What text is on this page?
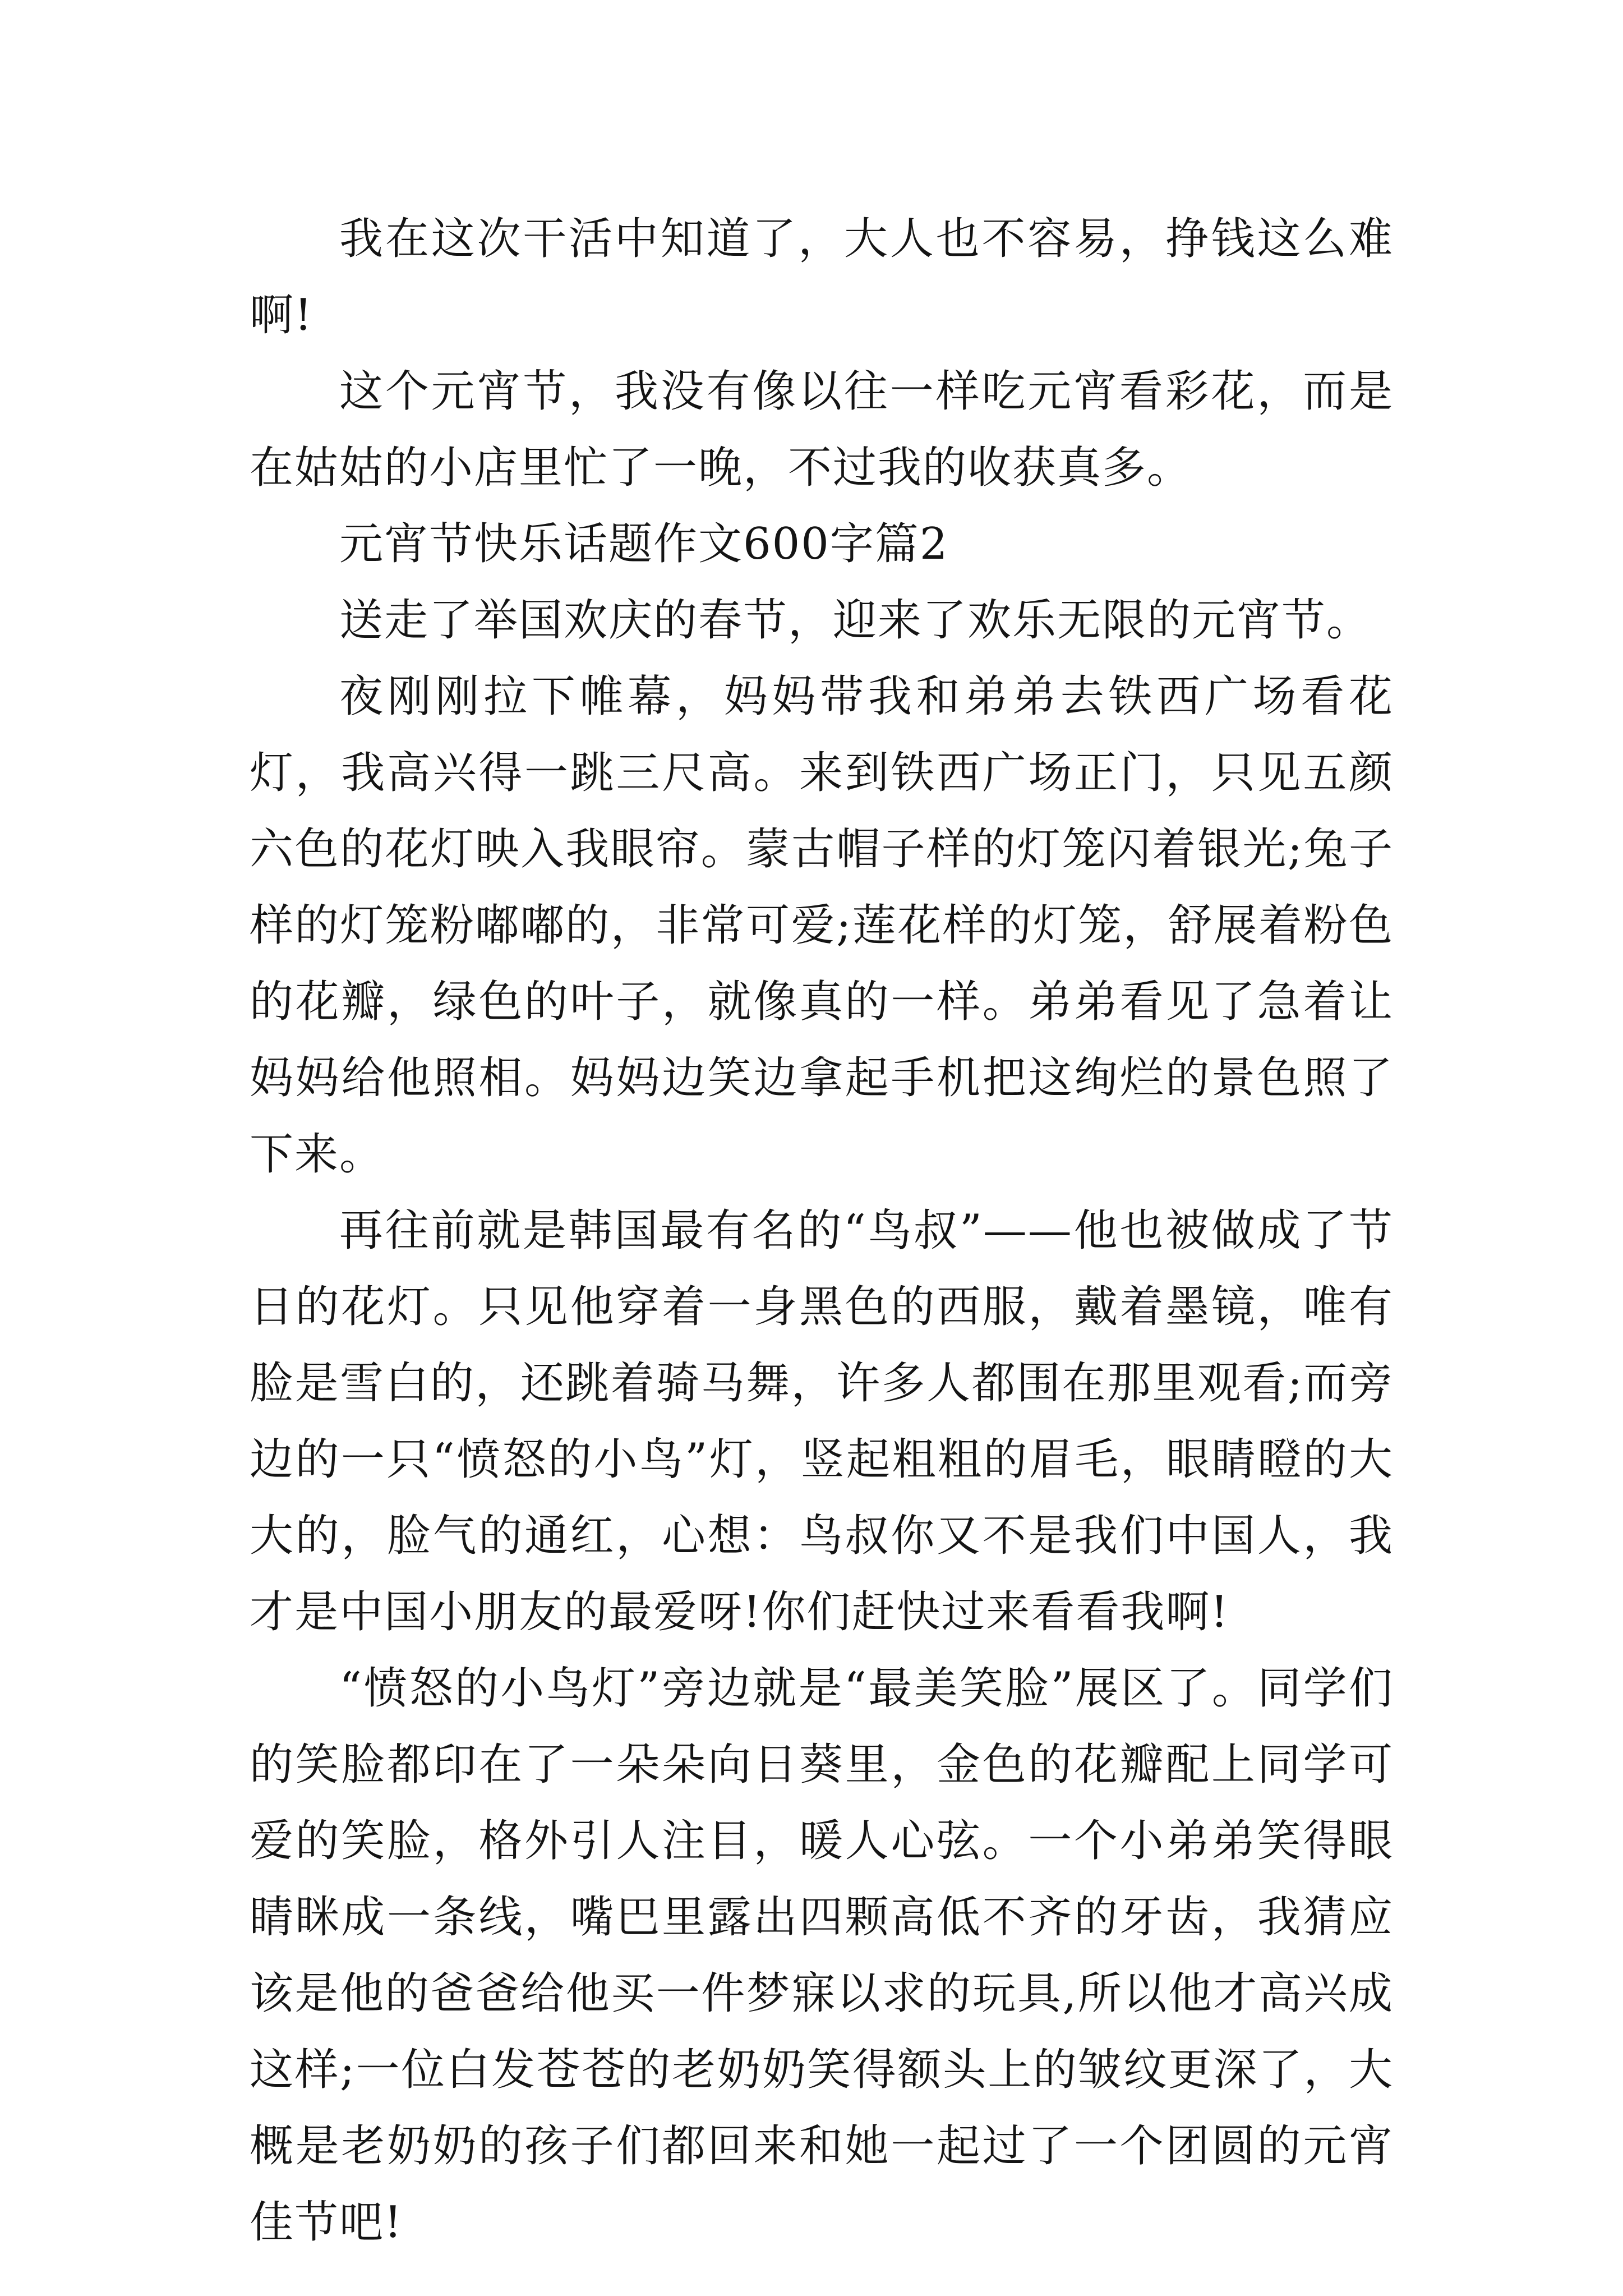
我在这次干活中知道了，大人也不容易，挣钱这么难啊!

这个元宵节，我没有像以往一样吃元宵看彩花，而是在姑姑的小店里忙了一晚，不过我的收获真多。

元宵节快乐话题作文600字篇2

送走了举国欢庆的春节，迎来了欢乐无限的元宵节。

夜刚刚拉下帷幕，妈妈带我和弟弟去铁西广场看花灯，我高兴得一跳三尺高。来到铁西广场正门，只见五颜六色的花灯映入我眼帘。蒙古帽子样的灯笼闪着银光;兔子样的灯笼粉嘟嘟的，非常可爱;莲花样的灯笼，舒展着粉色的花瓣，绿色的叶子，就像真的一样。弟弟看见了急着让妈妈给他照相。妈妈边笑边拿起手机把这绚烂的景色照了下来。

再往前就是韩国最有名的“鸟叔”——他也被做成了节日的花灯。只见他穿着一身黑色的西服，戴着墨镜，唯有脸是雪白的，还跳着骑马舞，许多人都围在那里观看;而旁边的一只“愤怒的小鸟”灯，竖起粗粗的眉毛，眼睛瞪的大大的，脸气的通红，心想：鸟叔你又不是我们中国人，我才是中国小朋友的最爱呀!你们赶快过来看看我啊!

“愤怒的小鸟灯”旁边就是“最美笑脸”展区了。同学们的笑脸都印在了一朵朵向日葵里，金色的花瓣配上同学可爱的笑脸，格外引人注目，暖人心弦。一个小弟弟笑得眼睛眯成一条线，嘴巴里露出四颗高低不齐的牙齿，我猜应该是他的爸爸给他买一件梦寐以求的玩具,所以他才高兴成这样;一位白发苍苍的老奶奶笑得额头上的皱纹更深了，大概是老奶奶的孩子们都回来和她一起过了一个团圆的元宵佳节吧!
